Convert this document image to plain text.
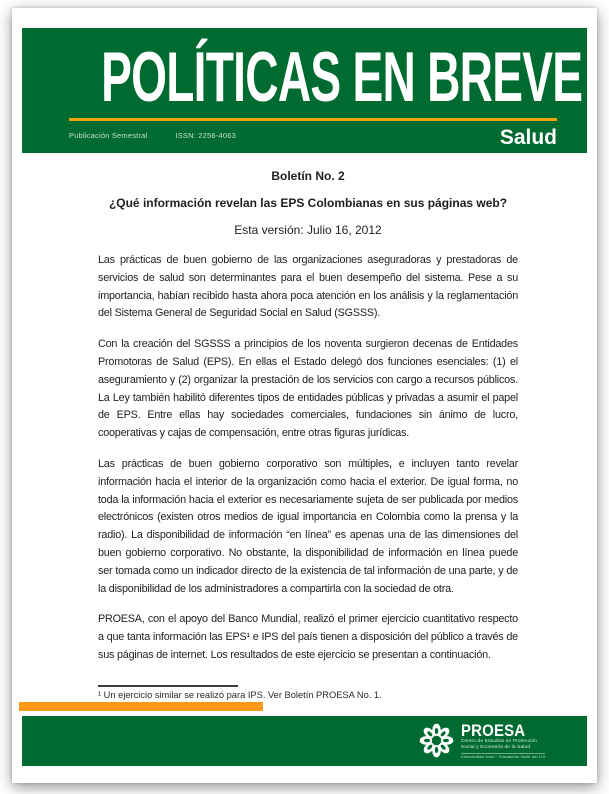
POLÍTICAS EN BREVE
Publicación Semestral	ISSN: 2256-4063	Salud

Boletín No. 2

¿Qué información revelan las EPS Colombianas en sus páginas web?

Esta versión: Julio 16, 2012

Las prácticas de buen gobierno de las organizaciones aseguradoras y prestadoras de servicios de salud son determinantes para el buen desempeño del sistema. Pese a su importancia, habían recibido hasta ahora poca atención en los análisis y la reglamentación del Sistema General de Seguridad Social en Salud (SGSSS).

Con la creación del SGSSS a principios de los noventa surgieron decenas de Entidades Promotoras de Salud (EPS). En ellas el Estado delegó dos funciones esenciales: (1) el aseguramiento y (2) organizar la prestación de los servicios con cargo a recursos públicos. La Ley también habilitó diferentes tipos de entidades públicas y privadas a asumir el papel de EPS. Entre ellas hay sociedades comerciales, fundaciones sin ánimo de lucro, cooperativas y cajas de compensación, entre otras figuras jurídicas.

Las prácticas de buen gobierno corporativo son múltiples, e incluyen tanto revelar información hacia el interior de la organización como hacia el exterior. De igual forma, no toda la información hacia el exterior es necesariamente sujeta de ser publicada por medios electrónicos (existen otros medios de igual importancia en Colombia como la prensa y la radio). La disponibilidad de información “en línea” es apenas una de las dimensiones del buen gobierno corporativo. No obstante, la disponibilidad de información en línea puede ser tomada como un indicador directo de la existencia de tal información de una parte, y de la disponibilidad de los administradores a compartirla con la sociedad de otra.

PROESA, con el apoyo del Banco Mundial, realizó el primer ejercicio cuantitativo respecto a que tanta información las EPS¹ e IPS del país tienen a disposición del público a través de sus páginas de internet. Los resultados de este ejercicio se presentan a continuación.

¹ Un ejercicio similar se realizó para IPS. Ver Boletín PROESA No. 1.
PROESA
Centro de Estudios en Protección
Social y Economía de la Salud
Universidad Icesi · Fundación Valle del Lili
